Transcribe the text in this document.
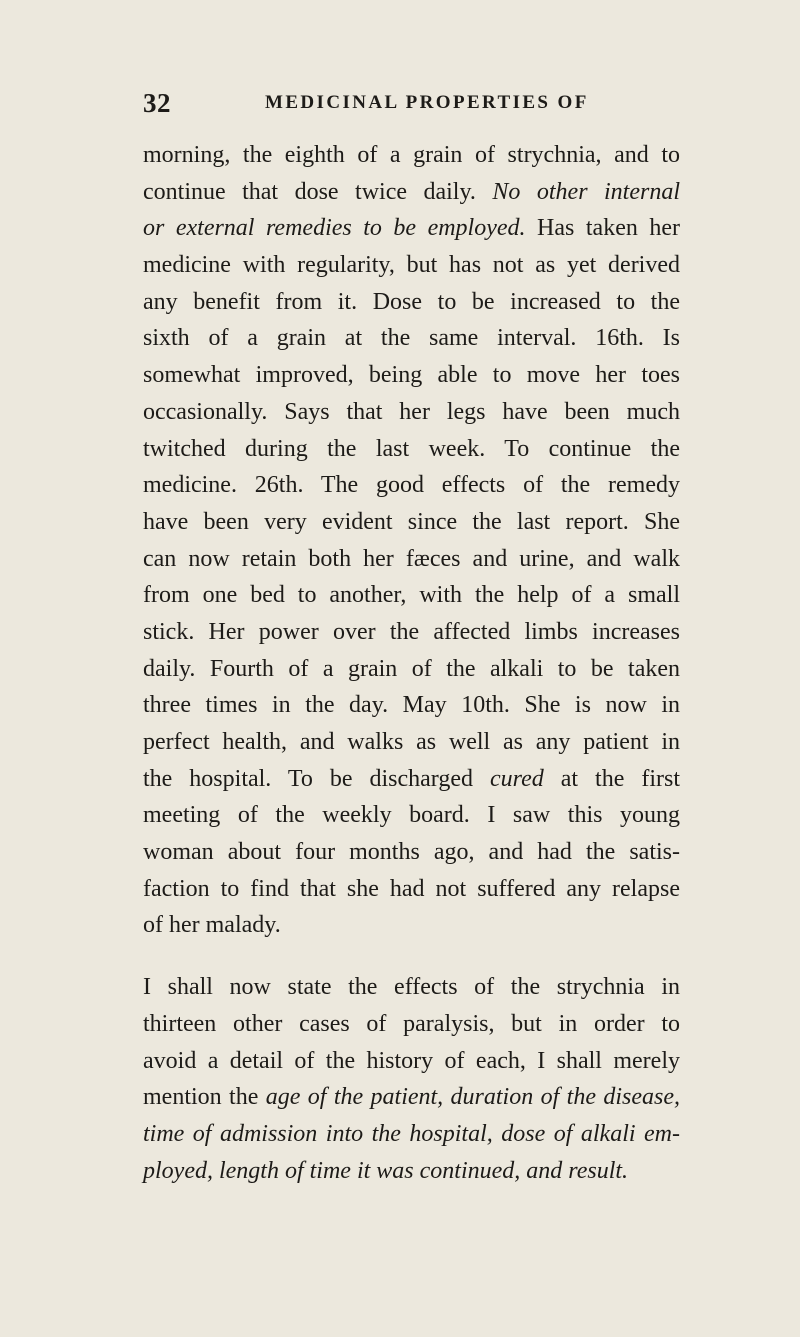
32	MEDICINAL PROPERTIES OF
morning, the eighth of a grain of strychnia, and to
continue that dose twice daily. No other internal
or external remedies to be employed. Has taken her
medicine with regularity, but has not as yet derived
any benefit from it. Dose to be increased to the
sixth of a grain at the same interval. 16th. Is
somewhat improved, being able to move her toes
occasionally. Says that her legs have been much
twitched during the last week. To continue the
medicine. 26th. The good effects of the remedy
have been very evident since the last report. She
can now retain both her fæces and urine, and walk
from one bed to another, with the help of a small
stick. Her power over the affected limbs increases
daily. Fourth of a grain of the alkali to be taken
three times in the day. May 10th. She is now in
perfect health, and walks as well as any patient in
the hospital. To be discharged cured at the first
meeting of the weekly board. I saw this young
woman about four months ago, and had the satis-
faction to find that she had not suffered any relapse
of her malady.
I shall now state the effects of the strychnia in
thirteen other cases of paralysis, but in order to
avoid a detail of the history of each, I shall merely
mention the age of the patient, duration of the disease,
time of admission into the hospital, dose of alkali em-
ployed, length of time it was continued, and result.
